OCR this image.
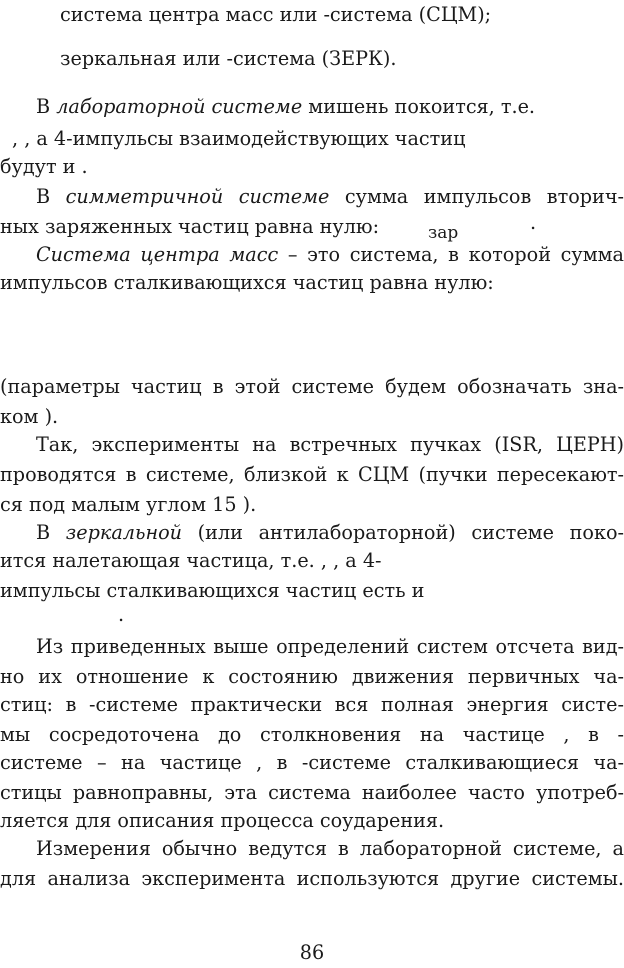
система центра масс или -система (СЦМ);

зеркальная или -система (ЗЕРК).

В лабораторной системе мишень покоится, т.е.

, , а 4-импульсы взаимодействующих частиц

будут и .

В симметричной системе сумма импульсов вторич-

ных заряженных частиц равна нулю:	зар	.

Система центра масс – это система, в которой сумма

импульсов сталкивающихся частиц равна нулю:

(параметры частиц в этой системе будем обозначать зна-

ком ).

Так, эксперименты на встречных пучках (ISR, ЦЕРН)

проводятся в системе, близкой к СЦМ (пучки пересекают-

ся под малым углом 15 ).

В зеркальной (или антилабораторной) системе поко-

ится налетающая частица, т.е. , , а 4-

импульсы сталкивающихся частиц есть и

.

Из приведенных выше определений систем отсчета вид-

но их отношение к состоянию движения первичных ча-

стиц: в -системе практически вся полная энергия систе-

мы сосредоточена до столкновения на частице , в -

системе – на частице , в -системе сталкивающиеся ча-

стицы равноправны, эта система наиболее часто употреб-

ляется для описания процесса соударения.

Измерения обычно ведутся в лабораторной системе, а

для анализа эксперимента используются другие системы.

86
